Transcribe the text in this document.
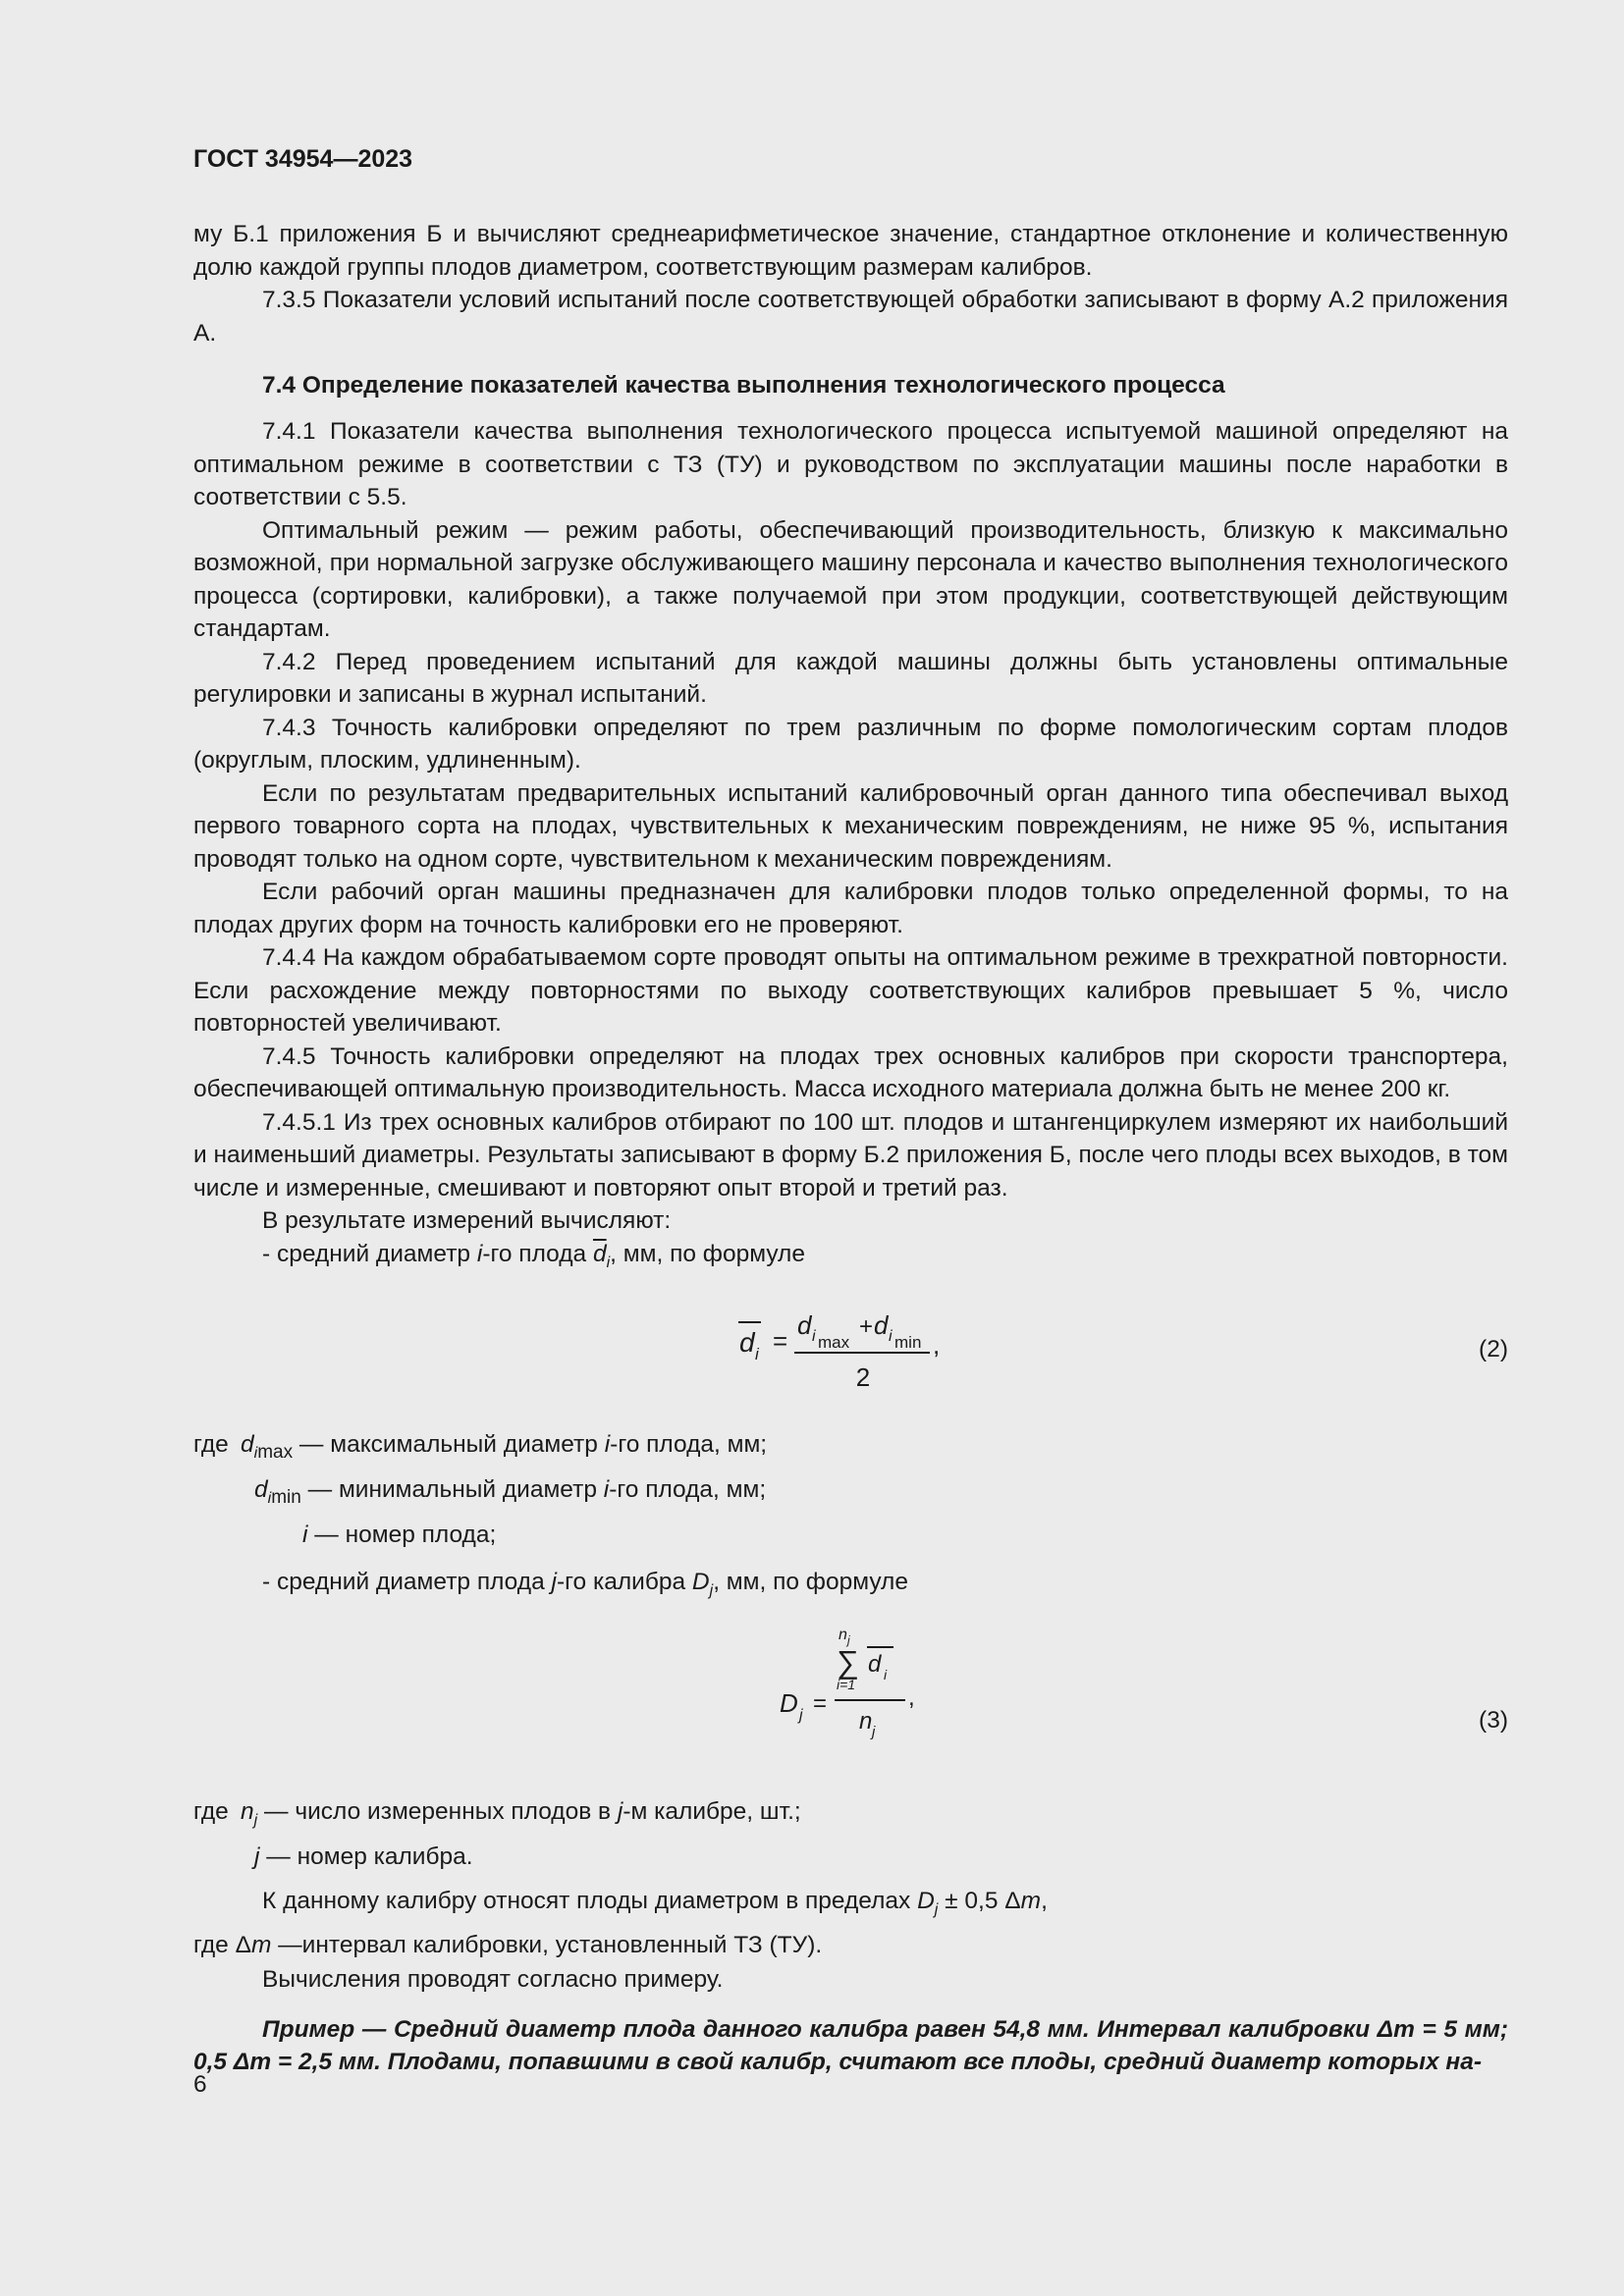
ГОСТ 34954—2023

му Б.1 приложения Б и вычисляют среднеарифметическое значение, стандартное отклонение и количественную долю каждой группы плодов диаметром, соответствующим размерам калибров.

7.3.5 Показатели условий испытаний после соответствующей обработки записывают в форму А.2 приложения А.

7.4 Определение показателей качества выполнения технологического процесса

7.4.1 Показатели качества выполнения технологического процесса испытуемой машиной определяют на оптимальном режиме в соответствии с ТЗ (ТУ) и руководством по эксплуатации машины после наработки в соответствии с 5.5.

Оптимальный режим — режим работы, обеспечивающий производительность, близкую к максимально возможной, при нормальной загрузке обслуживающего машину персонала и качество выполнения технологического процесса (сортировки, калибровки), а также получаемой при этом продукции, соответствующей действующим стандартам.

7.4.2 Перед проведением испытаний для каждой машины должны быть установлены оптимальные регулировки и записаны в журнал испытаний.

7.4.3 Точность калибровки определяют по трем различным по форме помологическим сортам плодов (округлым, плоским, удлиненным).

Если по результатам предварительных испытаний калибровочный орган данного типа обеспечивал выход первого товарного сорта на плодах, чувствительных к механическим повреждениям, не ниже 95 %, испытания проводят только на одном сорте, чувствительном к механическим повреждениям.

Если рабочий орган машины предназначен для калибровки плодов только определенной формы, то на плодах других форм на точность калибровки его не проверяют.

7.4.4 На каждом обрабатываемом сорте проводят опыты на оптимальном режиме в трехкратной повторности. Если расхождение между повторностями по выходу соответствующих калибров превышает 5 %, число повторностей увеличивают.

7.4.5 Точность калибровки определяют на плодах трех основных калибров при скорости транспортера, обеспечивающей оптимальную производительность. Масса исходного материала должна быть не менее 200 кг.

7.4.5.1 Из трех основных калибров отбирают по 100 шт. плодов и штангенциркулем измеряют их наибольший и наименьший диаметры. Результаты записывают в форму Б.2 приложения Б, после чего плоды всех выходов, в том числе и измеренные, смешивают и повторяют опыт второй и третий раз.

В результате измерений вычисляют:

- средний диаметр i-го плода $\overline{d}_i$, мм, по формуле

d i =
d i max
+ d i min
2
,	(2)
где $d_{imax}$ — максимальный диаметр i -го плода, мм;
$d_{imin}$ — минимальный диаметр i -го плода, мм;
i — номер плода;

- средний диаметр плода j-го калибра $D_j$, мм, по формуле

D j =
n j
∑
i=1
d i
n j
,
(3)
где $n_j$ — число измеренных плодов в j -м калибре, шт.;
j — номер калибра.

К данному калибру относят плоды диаметром в пределах $D_j \pm 0,5$ Δm,

где Δm —интервал калибровки, установленный ТЗ (ТУ).

Вычисления проводят согласно примеру.

Пример — Средний диаметр плода данного калибра равен 54,8 мм. Интервал калибровки Δm = 5 мм; 0,5 Δm = 2,5 мм. Плодами, попавшими в свой калибр, считают все плоды, средний диаметр которых на-

6
